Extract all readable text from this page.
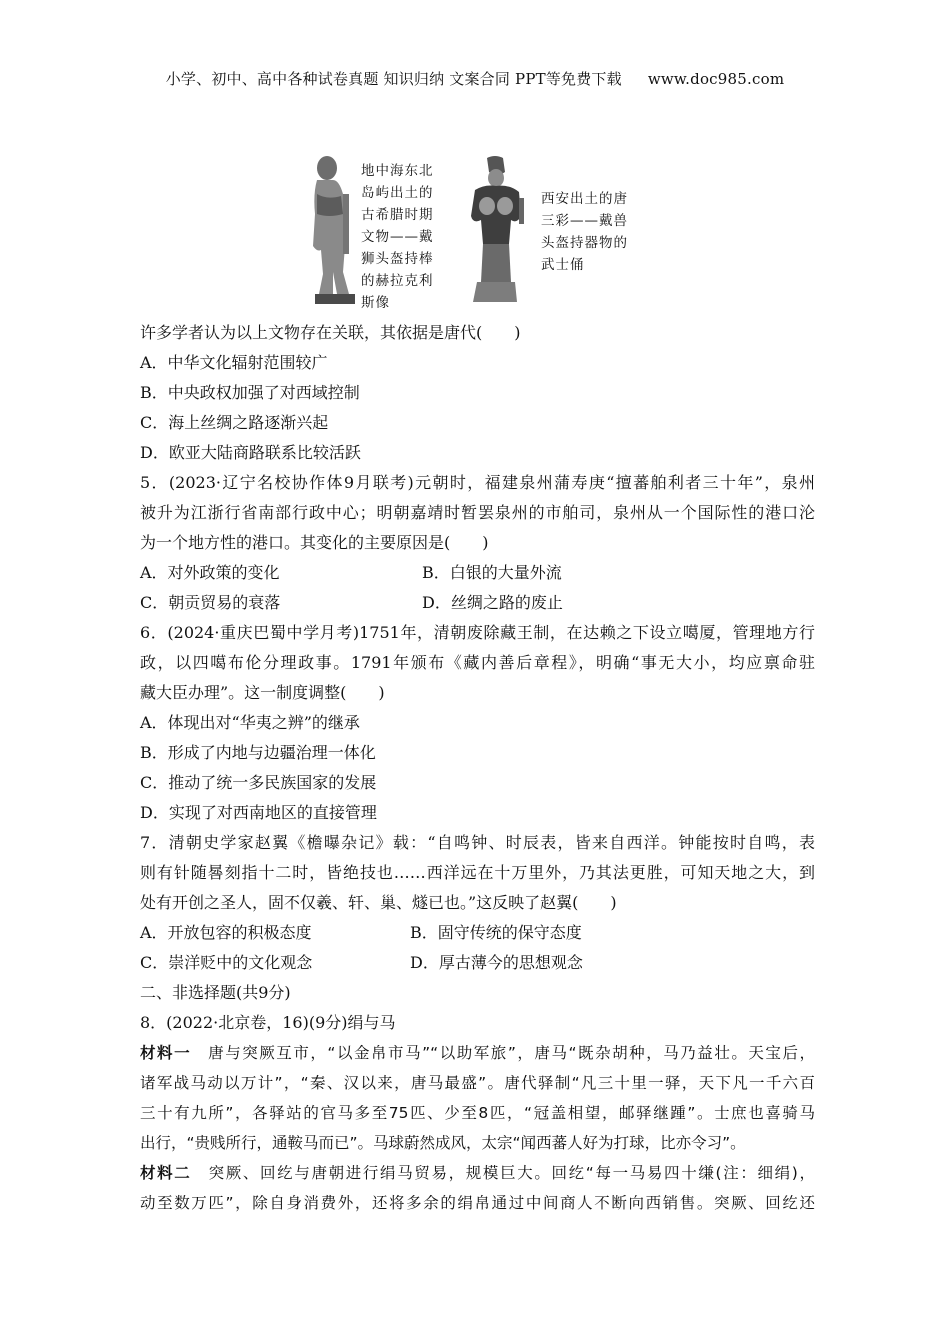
小学、初中、高中各种试卷真题 知识归纳 文案合同 PPT等免费下载 www.doc985.com
地中海东北
岛屿出土的
古希腊时期
文物——戴
狮头盔持棒
的赫拉克利
斯像
西安出土的唐
三彩——戴兽
头盔持器物的
武士俑
许多学者认为以上文物存在关联，其依据是唐代(　　)
A．中华文化辐射范围较广
B．中央政权加强了对西域控制
C．海上丝绸之路逐渐兴起
D．欧亚大陆商路联系比较活跃
5．(2023·辽宁名校协作体9月联考)元朝时，福建泉州蒲寿庚“擅蕃舶利者三十年”，泉州
被升为江浙行省南部行政中心；明朝嘉靖时暂罢泉州的市舶司，泉州从一个国际性的港口沦
为一个地方性的港口。其变化的主要原因是(　　)
A．对外政策的变化	B．白银的大量外流
C．朝贡贸易的衰落	D．丝绸之路的废止
6．(2024·重庆巴蜀中学月考)1751年，清朝废除藏王制，在达赖之下设立噶厦，管理地方行
政，以四噶布伦分理政事。1791年颁布《藏内善后章程》，明确“事无大小，均应禀命驻
藏大臣办理”。这一制度调整(　　)
A．体现出对“华夷之辨”的继承
B．形成了内地与边疆治理一体化
C．推动了统一多民族国家的发展
D．实现了对西南地区的直接管理
7．清朝史学家赵翼《檐曝杂记》载：“自鸣钟、时辰表，皆来自西洋。钟能按时自鸣，表
则有针随晷刻指十二时，皆绝技也……西洋远在十万里外，乃其法更胜，可知天地之大，到
处有开创之圣人，固不仅羲、轩、巢、燧已也。”这反映了赵翼(　　)
A．开放包容的积极态度	B．固守传统的保守态度
C．崇洋贬中的文化观念	D．厚古薄今的思想观念
二、非选择题(共9分)
8．(2022·北京卷，16)(9分)绢与马
材料一　 唐与突厥互市，“以金帛市马”“以助军旅”，唐马“既杂胡种，马乃益壮。天宝后，
诸军战马动以万计”，“秦、汉以来，唐马最盛”。唐代驿制“凡三十里一驿，天下凡一千六百
三十有九所”，各驿站的官马多至75匹、少至8匹，“冠盖相望，邮驿继踵”。士庶也喜骑马
出行，“贵贱所行，通鞍马而已”。马球蔚然成风，太宗“闻西蕃人好为打球，比亦令习”。
材料二　 突厥、回纥与唐朝进行绢马贸易，规模巨大。回纥“每一马易四十缣(注：细绢)，
动至数万匹”，除自身消费外，还将多余的绢帛通过中间商人不断向西销售。突厥、回纥还
